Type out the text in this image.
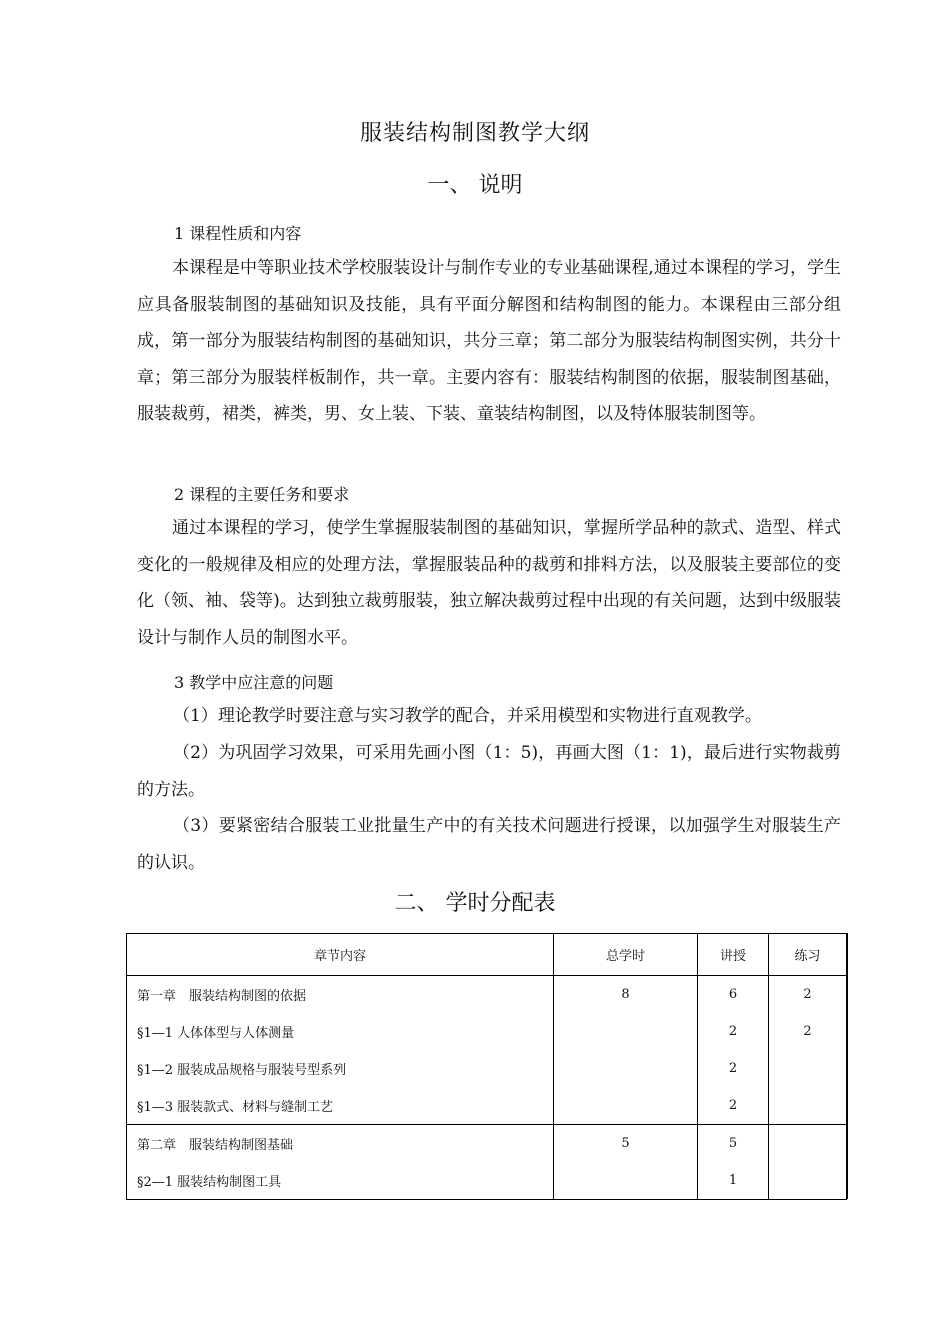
服装结构制图教学大纲
一、 说明
1 课程性质和内容

本课程是中等职业技术学校服装设计与制作专业的专业基础课程,通过本课程的学习，学生应具备服装制图的基础知识及技能，具有平面分解图和结构制图的能力。本课程由三部分组成，第一部分为服装结构制图的基础知识，共分三章；第二部分为服装结构制图实例，共分十章；第三部分为服装样板制作，共一章。主要内容有：服装结构制图的依据，服装制图基础，服装裁剪，裙类，裤类，男、女上装、下装、童装结构制图，以及特体服装制图等。

2 课程的主要任务和要求

通过本课程的学习，使学生掌握服装制图的基础知识，掌握所学品种的款式、造型、样式变化的一般规律及相应的处理方法，掌握服装品种的裁剪和排料方法，以及服装主要部位的变化（领、袖、袋等)。达到独立裁剪服装，独立解决裁剪过程中出现的有关问题，达到中级服装设计与制作人员的制图水平。

3 教学中应注意的问题

（1）理论教学时要注意与实习教学的配合，并采用模型和实物进行直观教学。

（2）为巩固学习效果，可采用先画小图（1：5)，再画大图（1：1)，最后进行实物裁剪的方法。

（3）要紧密结合服装工业批量生产中的有关技术问题进行授课，以加强学生对服装生产的认识。

二、 学时分配表
章节内容	总学时	讲授	练习
第一章　服装结构制图的依据	8	6	2
§1—1 人体体型与人体测量		2	2
§1—2 服装成品规格与服装号型系列		2	
§1—3 服装款式、材料与缝制工艺		2	
第二章　服装结构制图基础	5	5	
§2—1 服装结构制图工具		1	
